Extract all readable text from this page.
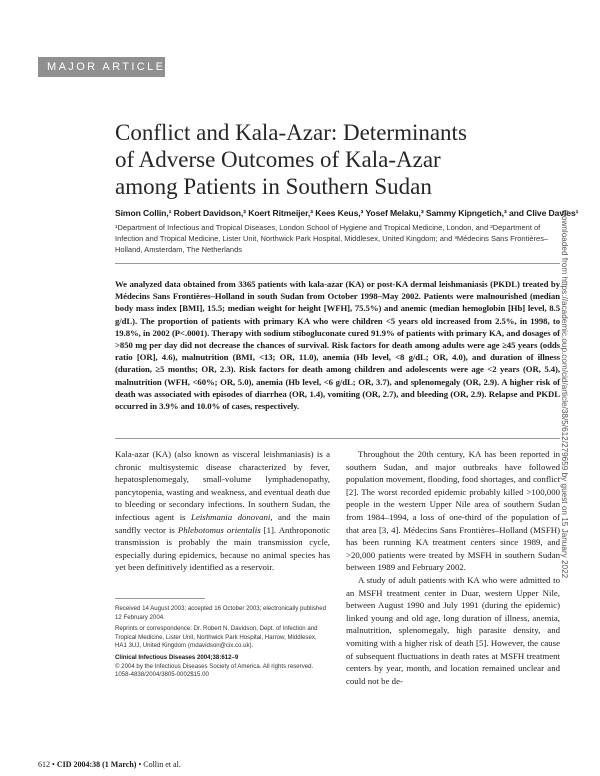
MAJOR ARTICLE
Conflict and Kala-Azar: Determinants
of Adverse Outcomes of Kala-Azar
among Patients in Southern Sudan
Simon Collin,¹ Robert Davidson,² Koert Ritmeijer,³ Kees Keus,³ Yosef Melaku,³ Sammy Kipngetich,³ and Clive Davies¹
¹Department of Infectious and Tropical Diseases, London School of Hygiene and Tropical Medicine, London, and ²Department of Infection and Tropical Medicine, Lister Unit, Northwick Park Hospital, Middlesex, United Kingdom; and ³Médecins Sans Frontières–Holland, Amsterdam, The Netherlands

We analyzed data obtained from 3365 patients with kala-azar (KA) or post-KA dermal leishmaniasis (PKDL) treated by Médecins Sans Frontières–Holland in south Sudan from October 1998–May 2002. Patients were malnourished (median body mass index [BMI], 15.5; median weight for height [WFH], 75.5%) and anemic (median hemoglobin [Hb] level, 8.5 g/dL). The proportion of patients with primary KA who were children <5 years old increased from 2.5%, in 1998, to 19.8%, in 2002 (P<.0001). Therapy with sodium stibogluconate cured 91.9% of patients with primary KA, and dosages of >850 mg per day did not decrease the chances of survival. Risk factors for death among adults were age ≥45 years (odds ratio [OR], 4.6), malnutrition (BMI, <13; OR, 11.0), anemia (Hb level, <8 g/dL; OR, 4.0), and duration of illness (duration, ≥5 months; OR, 2.3). Risk factors for death among children and adolescents were age <2 years (OR, 5.4), malnutrition (WFH, <60%; OR, 5.0), anemia (Hb level, <6 g/dL; OR, 3.7), and splenomegaly (OR, 2.9). A higher risk of death was associated with episodes of diarrhea (OR, 1.4), vomiting (OR, 2.7), and bleeding (OR, 2.9). Relapse and PKDL occurred in 3.9% and 10.0% of cases, respectively.

Kala-azar (KA) (also known as visceral leishmaniasis) is a chronic multisystemic disease characterized by fever, hepatosplenomegaly, small-volume lymphadenopathy, pancytopenia, wasting and weakness, and eventual death due to bleeding or secondary infections. In southern Sudan, the infectious agent is Leishmania donovani, and the main sandfly vector is Phlebotomus orientalis [1]. Anthroponotic transmission is probably the main transmission cycle, especially during epidemics, because no animal species has yet been definitively identified as a reservoir.

Received 14 August 2003; accepted 16 October 2003; electronically published 12 February 2004.

Reprints or correspondence: Dr. Robert N. Davidson, Dept. of Infection and Tropical Medicine, Lister Unit, Northwick Park Hospital, Harrow, Middlesex, HA1 3UJ, United Kingdom (rndavidson@cix.co.uk).

Clinical Infectious Diseases 2004;38:612–9

© 2004 by the Infectious Diseases Society of America. All rights reserved.

1058-4838/2004/3805-0002$15.00

Throughout the 20th century, KA has been reported in southern Sudan, and major outbreaks have followed population movement, flooding, food shortages, and conflict [2]. The worst recorded epidemic probably killed >100,000 people in the western Upper Nile area of southern Sudan from 1984–1994, a loss of one-third of the population of that area [3, 4]. Médecins Sans Frontières–Holland (MSFH) has been running KA treatment centers since 1989, and >20,000 patients were treated by MSFH in southern Sudan between 1989 and February 2002.

A study of adult patients with KA who were admitted to an MSFH treatment center in Duar, western Upper Nile, between August 1990 and July 1991 (during the epidemic) linked young and old age, long duration of illness, anemia, malnutrition, splenomegaly, high parasite density, and vomiting with a higher risk of death [5]. However, the cause of subsequent fluctuations in death rates at MSFH treatment centers by year, month, and location remained unclear and could not be de-

612 • CID 2004:38 (1 March) • Collin et al.
Downloaded from https://academic.oup.com/cid/article/38/5/612/279659 by guest on 15 January 2022
